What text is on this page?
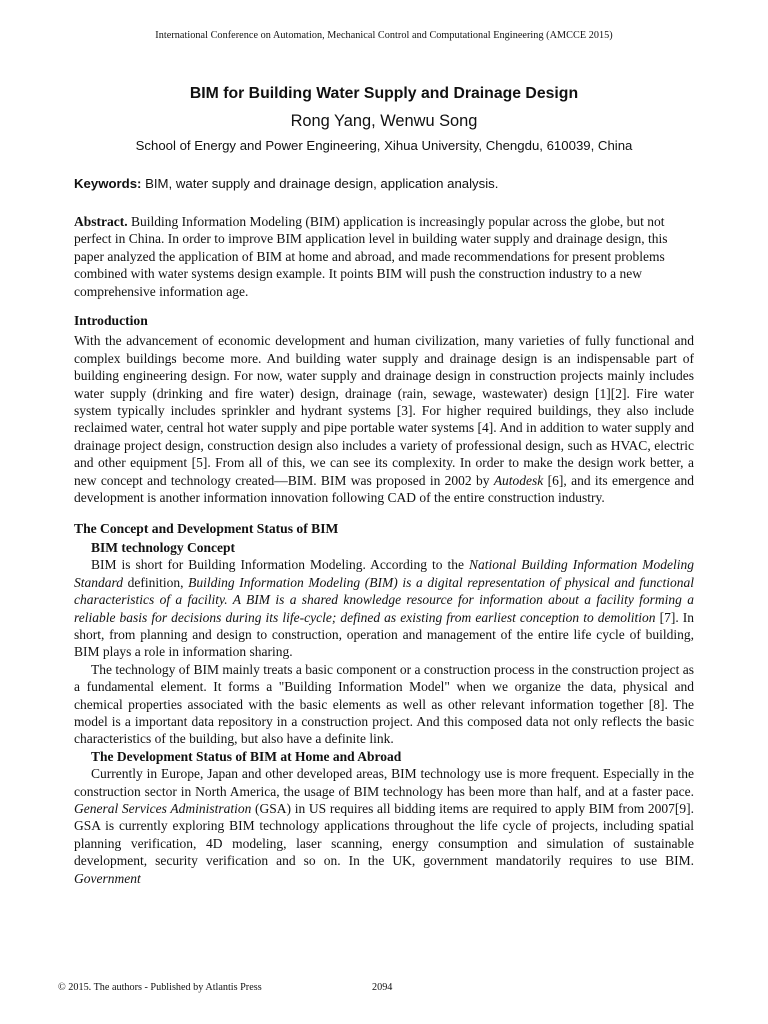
International Conference on Automation, Mechanical Control and Computational Engineering (AMCCE 2015)
BIM for Building Water Supply and Drainage Design
Rong Yang, Wenwu Song
School of Energy and Power Engineering, Xihua University, Chengdu, 610039, China
Keywords: BIM, water supply and drainage design, application analysis.

Abstract. Building Information Modeling (BIM) application is increasingly popular across the globe, but not perfect in China. In order to improve BIM application level in building water supply and drainage design, this paper analyzed the application of BIM at home and abroad, and made recommendations for present problems combined with water systems design example. It points BIM will push the construction industry to a new comprehensive information age.

Introduction

With the advancement of economic development and human civilization, many varieties of fully functional and complex buildings become more. And building water supply and drainage design is an indispensable part of building engineering design. For now, water supply and drainage design in construction projects mainly includes water supply (drinking and fire water) design, drainage (rain, sewage, wastewater) design [1][2]. Fire water system typically includes sprinkler and hydrant systems [3]. For higher required buildings, they also include reclaimed water, central hot water supply and pipe portable water systems [4]. And in addition to water supply and drainage project design, construction design also includes a variety of professional design, such as HVAC, electric and other equipment [5]. From all of this, we can see its complexity. In order to make the design work better, a new concept and technology created—BIM. BIM was proposed in 2002 by Autodesk [6], and its emergence and development is another information innovation following CAD of the entire construction industry.

The Concept and Development Status of BIM
BIM technology Concept

BIM is short for Building Information Modeling. According to the National Building Information Modeling Standard definition, Building Information Modeling (BIM) is a digital representation of physical and functional characteristics of a facility. A BIM is a shared knowledge resource for information about a facility forming a reliable basis for decisions during its life-cycle; defined as existing from earliest conception to demolition [7]. In short, from planning and design to construction, operation and management of the entire life cycle of building, BIM plays a role in information sharing.

The technology of BIM mainly treats a basic component or a construction process in the construction project as a fundamental element. It forms a "Building Information Model" when we organize the data, physical and chemical properties associated with the basic elements as well as other relevant information together [8]. The model is a important data repository in a construction project. And this composed data not only reflects the basic characteristics of the building, but also have a definite link.

The Development Status of BIM at Home and Abroad

Currently in Europe, Japan and other developed areas, BIM technology use is more frequent. Especially in the construction sector in North America, the usage of BIM technology has been more than half, and at a faster pace. General Services Administration (GSA) in US requires all bidding items are required to apply BIM from 2007[9]. GSA is currently exploring BIM technology applications throughout the life cycle of projects, including spatial planning verification, 4D modeling, laser scanning, energy consumption and simulation of sustainable development, security verification and so on. In the UK, government mandatorily requires to use BIM. Government

© 2015. The authors - Published by Atlantis Press	2094
